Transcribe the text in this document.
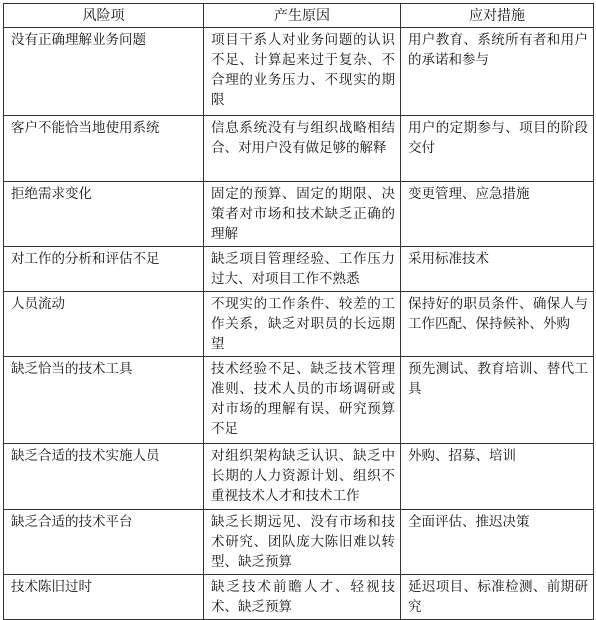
风险项	产生原因	应对措施
没有正确理解业务问题	项目干系人对业务问题的认识不足、计算起来过于复杂、不合理的业务压力、不现实的期限	用户教育、系统所有者和用户的承诺和参与
客户不能恰当地使用系统	信息系统没有与组织战略相结合、对用户没有做足够的解释	用户的定期参与、项目的阶段交付
拒绝需求变化	固定的预算、固定的期限、决策者对市场和技术缺乏正确的理解	变更管理、应急措施
对工作的分析和评估不足	缺乏项目管理经验、工作压力过大、对项目工作不熟悉	采用标准技术
人员流动	不现实的工作条件、较差的工作关系，缺乏对职员的长远期望	保持好的职员条件、确保人与工作匹配、保持候补、外购
缺乏恰当的技术工具	技术经验不足、缺乏技术管理准则、技术人员的市场调研或对市场的理解有误、研究预算不足	预先测试、教育培训、替代工具
缺乏合适的技术实施人员	对组织架构缺乏认识、缺乏中长期的人力资源计划、组织不重视技术人才和技术工作	外购、招募、培训
缺乏合适的技术平台	缺乏长期远见、没有市场和技术研究、团队庞大陈旧难以转型、缺乏预算	全面评估、推迟决策
技术陈旧过时	缺乏技术前瞻人才、轻视技术、缺乏预算	延迟项目、标准检测、前期研究
